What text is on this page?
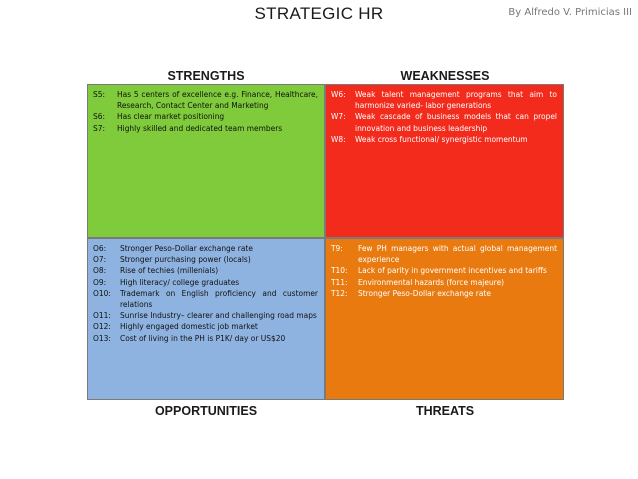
STRATEGIC HR	By Alfredo V. Primicias III
STRENGTHS	WEAKNESSES
S5:	Has 5 centers of excellence e.g. Finance, Healthcare, Research, Contact Center and Marketing
S6:	Has clear market positioning
S7:	Highly skilled and dedicated team members
W6:	Weak talent management programs that aim to harmonize varied- labor generations
W7:	Weak cascade of business models that can propel innovation and business leadership
W8:	Weak cross functional/ synergistic momentum
O6:	Stronger Peso-Dollar exchange rate
O7:	Stronger purchasing power (locals)
O8:	Rise of techies (millenials)
O9:	High literacy/ college graduates
O10:	Trademark on English proficiency and customer relations
O11:	Sunrise Industry– clearer and challenging road maps
O12:	Highly engaged domestic job market
O13:	Cost of living in the PH is P1K/ day or US$20
T9:	Few PH managers with actual global management experience
T10:	Lack of parity in government incentives and tariffs
T11:	Environmental hazards (force majeure)
T12:	Stronger Peso-Dollar exchange rate
OPPORTUNITIES	THREATS
